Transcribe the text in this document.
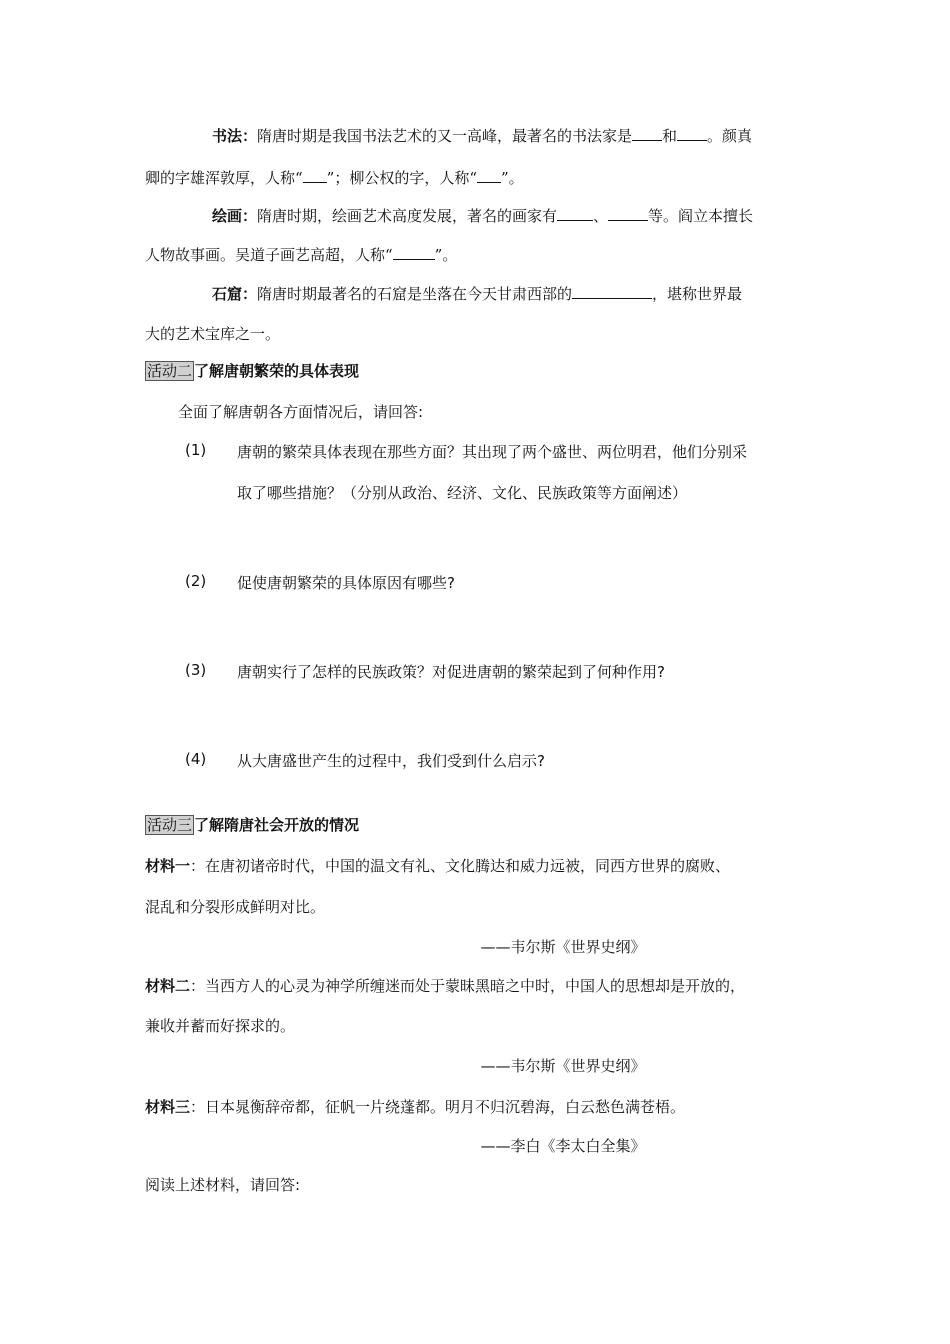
书法：隋唐时期是我国书法艺术的又一高峰，最著名的书法家是 和 。颜真
卿的字雄浑敦厚，人称“ ”；柳公权的字，人称“ ”。
绘画：隋唐时期，绘画艺术高度发展，著名的画家有 、	等。阎立本擅长
人物故事画。吴道子画艺高超，人称“	”。
石窟：隋唐时期最著名的石窟是坐落在今天甘肃西部的	，堪称世界最
大的艺术宝库之一。
活动二 了解唐朝繁荣的具体表现
全面了解唐朝各方面情况后，请回答:
(1) 唐朝的繁荣具体表现在那些方面？其出现了两个盛世、两位明君，他们分别采
取了哪些措施？（分别从政治、经济、文化、民族政策等方面阐述）
(2) 促使唐朝繁荣的具体原因有哪些?
(3) 唐朝实行了怎样的民族政策？对促进唐朝的繁荣起到了何种作用?
(4) 从大唐盛世产生的过程中，我们受到什么启示?
活动三 了解隋唐社会开放的情况
材料一：在唐初诸帝时代，中国的温文有礼、文化腾达和威力远被，同西方世界的腐败、
混乱和分裂形成鲜明对比。
——韦尔斯《世界史纲》
材料二：当西方人的心灵为神学所缠迷而处于蒙昧黑暗之中时，中国人的思想却是开放的，
兼收并蓄而好探求的。
——韦尔斯《世界史纲》
材料三：日本晁衡辞帝都，征帆一片绕蓬都。明月不归沉碧海，白云愁色满苍梧。
——李白《李太白全集》
阅读上述材料，请回答:
